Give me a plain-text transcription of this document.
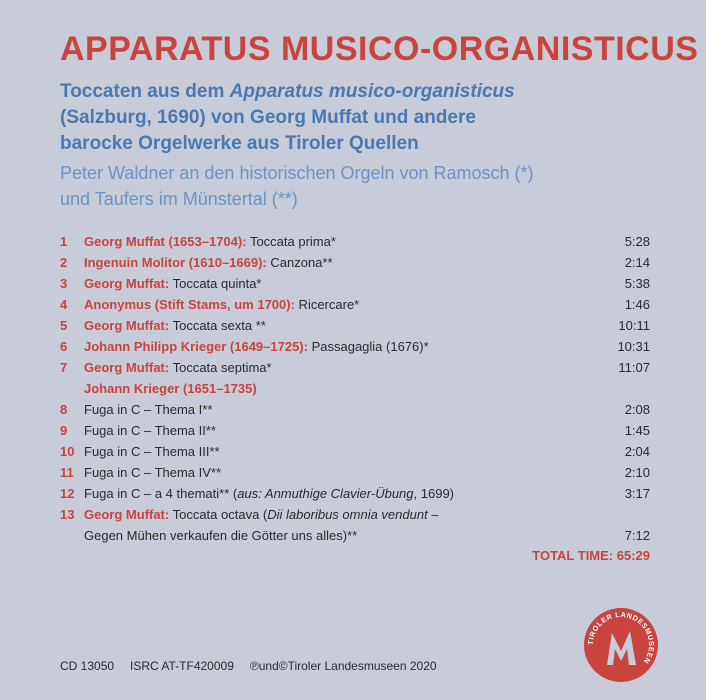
APPARATUS MUSICO-ORGANISTICUS
Toccaten aus dem Apparatus musico-organisticus
(Salzburg, 1690) von Georg Muffat und andere
barocke Orgelwerke aus Tiroler Quellen
Peter Waldner an den historischen Orgeln von Ramosch (*)
und Taufers im Münstertal (**)
1	Georg Muffat (1653–1704): Toccata prima*	5:28
2	Ingenuin Molitor (1610–1669): Canzona**	2:14
3	Georg Muffat: Toccata quinta*	5:38
4	Anonymus (Stift Stams, um 1700): Ricercare*	1:46
5	Georg Muffat: Toccata sexta **	10:11
6	Johann Philipp Krieger (1649–1725): Passagaglia (1676)*	10:31
7	Georg Muffat: Toccata septima*	11:07
Johann Krieger (1651–1735)
8	Fuga in C – Thema I**	2:08
9	Fuga in C – Thema II**	1:45
10 Fuga in C – Thema III**	2:04
11 Fuga in C – Thema IV**	2:10
12 Fuga in C – a 4 themati** (aus: Anmuthige Clavier-Übung, 1699)	3:17
13 Georg Muffat: Toccata octava (Dii laboribus omnia vendunt –
Gegen Mühen verkaufen die Götter uns alles)**	7:12
TOTAL TIME: 65:29
CD 13050 ISRC AT-TF420009 ℗und©Tiroler Landesmuseen 2020
TIROLER LANDESMUSEEN
